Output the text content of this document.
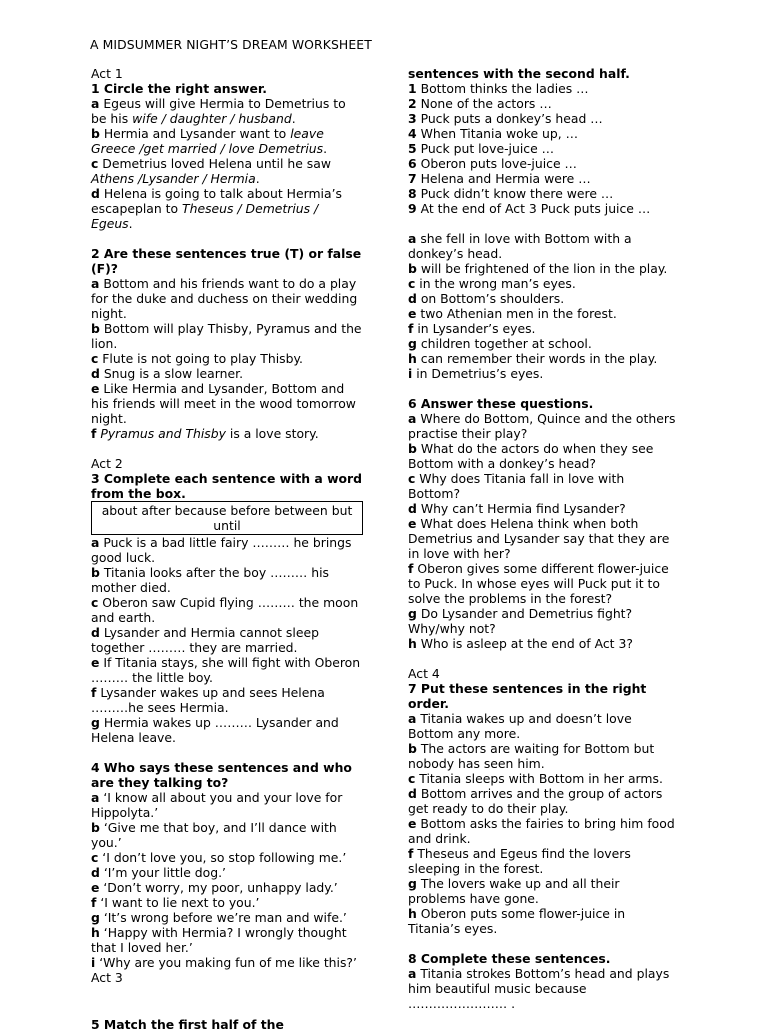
A MIDSUMMER NIGHT’S DREAM WORKSHEET
Act 1
1 Circle the right answer.
a Egeus will give Hermia to Demetrius to be his wife / daughter / husband.
b Hermia and Lysander want to leave Greece /get married / love Demetrius.
c Demetrius loved Helena until he saw Athens /Lysander / Hermia.
d Helena is going to talk about Hermia’s escapeplan to Theseus / Demetrius / Egeus.
2 Are these sentences true (T) or false (F)?
a Bottom and his friends want to do a play for the duke and duchess on their wedding
night.
b Bottom will play Thisby, Pyramus and the lion.
c Flute is not going to play Thisby.
d Snug is a slow learner.
e Like Hermia and Lysander, Bottom and his friends will meet in the wood tomorrow night.
f Pyramus and Thisby is a love story.
Act 2
3 Complete each sentence with a word from the box.
about after because before between but until
a Puck is a bad little fairy ……… he brings good luck.
b Titania looks after the boy ……… his mother died.
c Oberon saw Cupid flying ……… the moon and earth.
d Lysander and Hermia cannot sleep together ……… they are married.
e If Titania stays, she will fight with Oberon ……… the little boy.
f Lysander wakes up and sees Helena ………he sees Hermia.
g Hermia wakes up ……… Lysander and Helena leave.
4 Who says these sentences and who are they talking to?
a ‘I know all about you and your love for Hippolyta.’
b ‘Give me that boy, and I’ll dance with you.’
c ‘I don’t love you, so stop following me.’
d ‘I’m your little dog.’
e ‘Don’t worry, my poor, unhappy lady.’
f ‘I want to lie next to you.’
g ‘It’s wrong before we’re man and wife.’
h ‘Happy with Hermia? I wrongly thought that I loved her.’
i ‘Why are you making fun of me like this?’
Act 3
5 Match the first half of the
sentences with the second half.
1 Bottom thinks the ladies …
2 None of the actors …
3 Puck puts a donkey’s head …
4 When Titania woke up, …
5 Puck put love-juice …
6 Oberon puts love-juice …
7 Helena and Hermia were …
8 Puck didn’t know there were …
9 At the end of Act 3 Puck puts juice …
a she fell in love with Bottom with a donkey’s head.
b will be frightened of the lion in the play.
c in the wrong man’s eyes.
d on Bottom’s shoulders.
e two Athenian men in the forest.
f in Lysander’s eyes.
g children together at school.
h can remember their words in the play.
i in Demetrius’s eyes.
6 Answer these questions.
a Where do Bottom, Quince and the others practise their play?
b What do the actors do when they see Bottom with a donkey’s head?
c Why does Titania fall in love with Bottom?
d Why can’t Hermia find Lysander?
e What does Helena think when both Demetrius and Lysander say that they are in love with her?
f Oberon gives some different flower-juice to Puck. In whose eyes will Puck put it to solve the problems in the forest?
g Do Lysander and Demetrius fight? Why/why not?
h Who is asleep at the end of Act 3?
Act 4
7 Put these sentences in the right order.
a Titania wakes up and doesn’t love Bottom any more.
b The actors are waiting for Bottom but nobody has seen him.
c Titania sleeps with Bottom in her arms.
d Bottom arrives and the group of actors get ready to do their play.
e Bottom asks the fairies to bring him food and drink.
f Theseus and Egeus find the lovers sleeping in the forest.
g The lovers wake up and all their problems have gone.
h Oberon puts some flower-juice in Titania’s eyes.
8 Complete these sentences.
a Titania strokes Bottom’s head and plays him beautiful music because
…………………… .
